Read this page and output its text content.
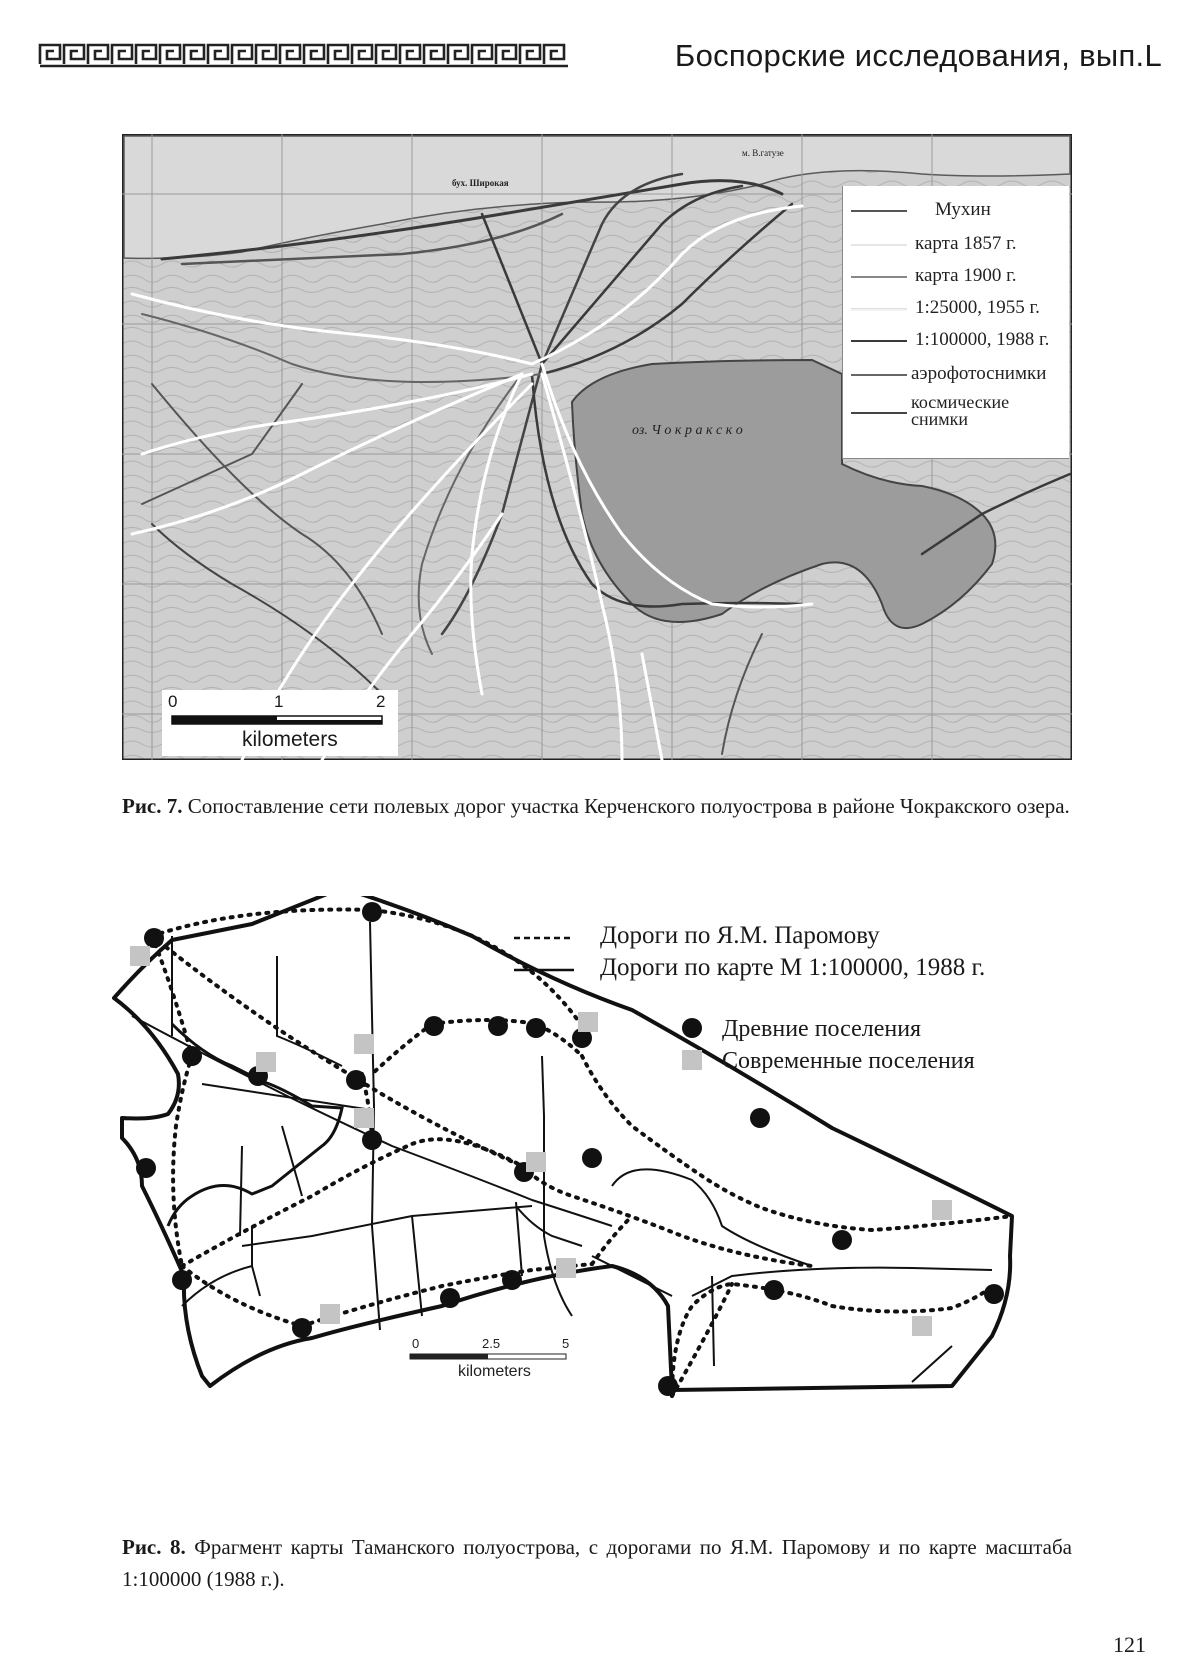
Боспорские исследования, вып.L
оз. Ч о к р а к с к о
м. В.гатузе
бух. Широкая
Мухин
карта 1857 г.
карта 1900 г.
1:25000, 1955 г.
1:100000, 1988 г.
аэрофотоснимки
космические снимки
0	1	2
kilometers
Рис. 7. Сопоставление сети полевых дорог участка Керченского полуострова в районе Чокракского озера.
0	2.5	5
kilometers
Дороги по Я.М. Паромову
Дороги по карте М 1:100000, 1988 г.
Древние поселения
Современные поселения
Рис. 8. Фрагмент карты Таманского полуострова, с дорогами по Я.М. Паромову и по карте масштаба 1:100000 (1988 г.).
121
